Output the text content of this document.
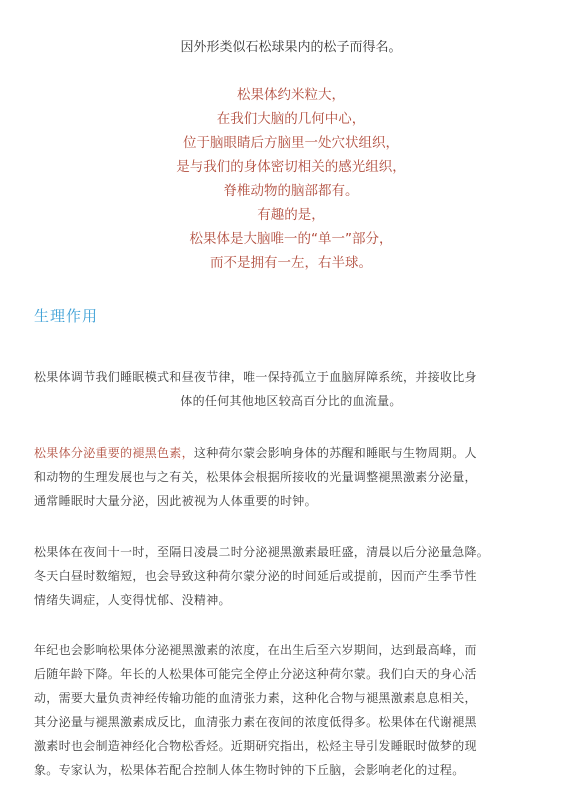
因外形类似石松球果内的松子而得名。
松果体约米粒大，
在我们大脑的几何中心，
位于脑眼睛后方脑里一处穴状组织，
是与我们的身体密切相关的感光组织，
脊椎动物的脑部都有。
有趣的是，
松果体是大脑唯一的“单一”部分，
而不是拥有一左，右半球。
生理作用
松果体调节我们睡眠模式和昼夜节律，唯一保持孤立于血脑屏障系统，并接收比身
体的任何其他地区较高百分比的血流量。
松果体分泌重要的褪黑色素，这种荷尔蒙会影响身体的苏醒和睡眠与生物周期。人
和动物的生理发展也与之有关，松果体会根据所接收的光量调整褪黑激素分泌量，
通常睡眠时大量分泌，因此被视为人体重要的时钟。
松果体在夜间十一时，至隔日凌晨二时分泌褪黑激素最旺盛，清晨以后分泌量急降。
冬天白昼时数缩短，也会导致这种荷尔蒙分泌的时间延后或提前，因而产生季节性
情绪失调症，人变得忧郁、没精神。
年纪也会影响松果体分泌褪黑激素的浓度，在出生后至六岁期间，达到最高峰，而
后随年龄下降。年长的人松果体可能完全停止分泌这种荷尔蒙。我们白天的身心活
动，需要大量负责神经传输功能的血清张力素，这种化合物与褪黑激素息息相关，
其分泌量与褪黑激素成反比，血清张力素在夜间的浓度低得多。松果体在代谢褪黑
激素时也会制造神经化合物松香烃。近期研究指出，松烃主导引发睡眠时做梦的现
象。专家认为，松果体若配合控制人体生物时钟的下丘脑，会影响老化的过程。
